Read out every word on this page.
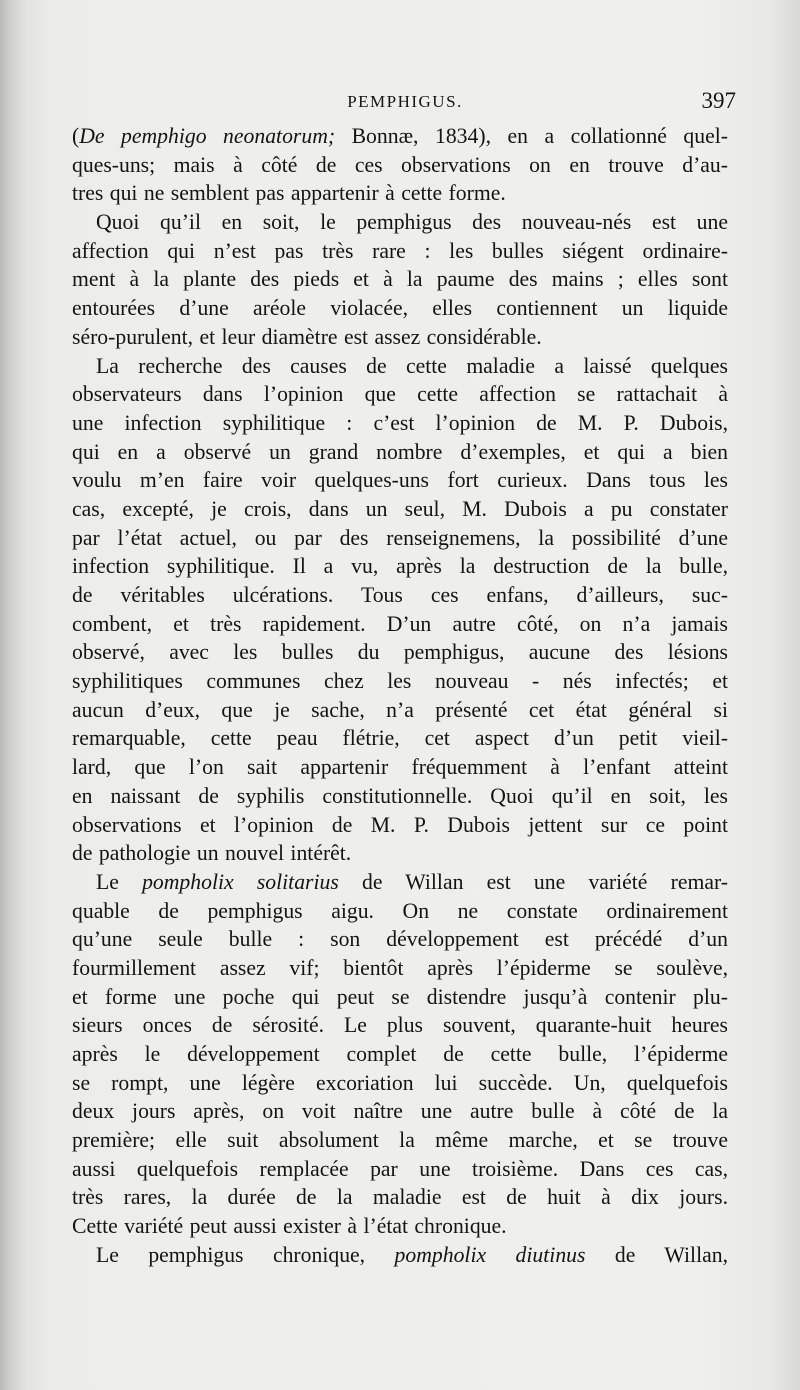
PEMPHIGUS.	397
(De pemphigo neonatorum; Bonnæ, 1834), en a collationné quel-
ques-uns; mais à côté de ces observations on en trouve d’au-
tres qui ne semblent pas appartenir à cette forme.
Quoi qu’il en soit, le pemphigus des nouveau-nés est une
affection qui n’est pas très rare : les bulles siégent ordinaire-
ment à la plante des pieds et à la paume des mains ; elles sont
entourées d’une aréole violacée, elles contiennent un liquide
séro-purulent, et leur diamètre est assez considérable.
La recherche des causes de cette maladie a laissé quelques
observateurs dans l’opinion que cette affection se rattachait à
une infection syphilitique : c’est l’opinion de M. P. Dubois,
qui en a observé un grand nombre d’exemples, et qui a bien
voulu m’en faire voir quelques-uns fort curieux. Dans tous les
cas, excepté, je crois, dans un seul, M. Dubois a pu constater
par l’état actuel, ou par des renseignemens, la possibilité d’une
infection syphilitique. Il a vu, après la destruction de la bulle,
de véritables ulcérations. Tous ces enfans, d’ailleurs, suc-
combent, et très rapidement. D’un autre côté, on n’a jamais
observé, avec les bulles du pemphigus, aucune des lésions
syphilitiques communes chez les nouveau - nés infectés; et
aucun d’eux, que je sache, n’a présenté cet état général si
remarquable, cette peau flétrie, cet aspect d’un petit vieil-
lard, que l’on sait appartenir fréquemment à l’enfant atteint
en naissant de syphilis constitutionnelle. Quoi qu’il en soit, les
observations et l’opinion de M. P. Dubois jettent sur ce point
de pathologie un nouvel intérêt.
Le pompholix solitarius de Willan est une variété remar-
quable de pemphigus aigu. On ne constate ordinairement
qu’une seule bulle : son développement est précédé d’un
fourmillement assez vif; bientôt après l’épiderme se soulève,
et forme une poche qui peut se distendre jusqu’à contenir plu-
sieurs onces de sérosité. Le plus souvent, quarante-huit heures
après le développement complet de cette bulle, l’épiderme
se rompt, une légère excoriation lui succède. Un, quelquefois
deux jours après, on voit naître une autre bulle à côté de la
première; elle suit absolument la même marche, et se trouve
aussi quelquefois remplacée par une troisième. Dans ces cas,
très rares, la durée de la maladie est de huit à dix jours.
Cette variété peut aussi exister à l’état chronique.
Le pemphigus chronique, pompholix diutinus de Willan,
